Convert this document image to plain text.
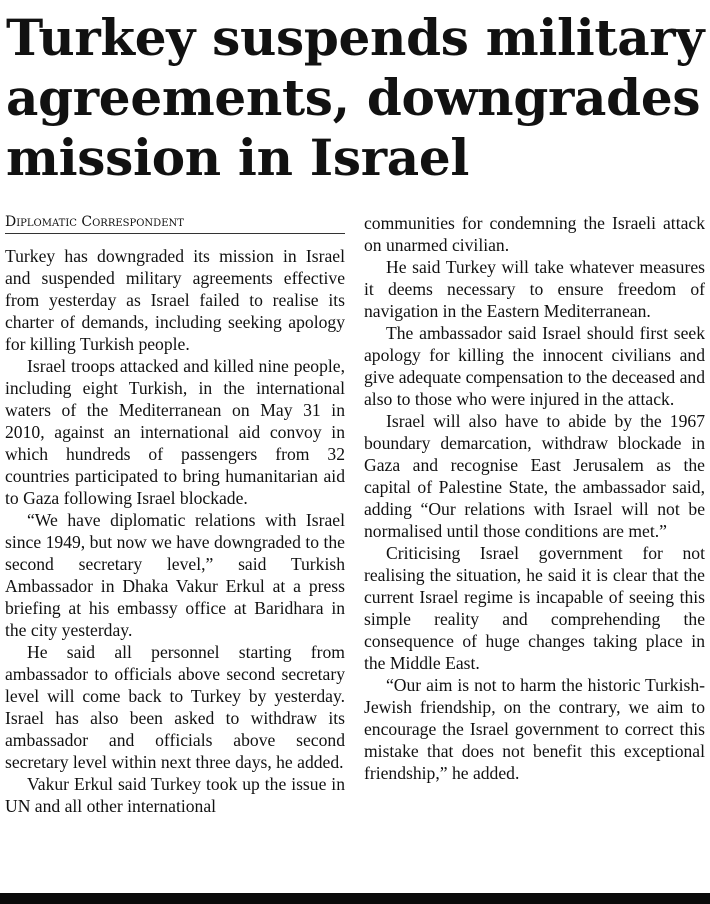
Turkey suspends military agreements, downgrades mission in Israel
Diplomatic Correspondent

Turkey has downgraded its mission in Israel and suspended military agreements effective from yesterday as Israel failed to realise its charter of demands, including seeking apology for killing Turkish people.

Israel troops attacked and killed nine people, including eight Turkish, in the international waters of the Mediterranean on May 31 in 2010, against an international aid convoy in which hundreds of passengers from 32 countries participated to bring humanitarian aid to Gaza following Israel blockade.

“We have diplomatic relations with Israel since 1949, but now we have downgraded to the second secretary level,” said Turkish Ambassador in Dhaka Vakur Erkul at a press briefing at his embassy office at Baridhara in the city yesterday.

He said all personnel starting from ambassador to officials above second secretary level will come back to Turkey by yesterday. Israel has also been asked to withdraw its ambassador and officials above second secretary level within next three days, he added.

Vakur Erkul said Turkey took up the issue in UN and all other international

communities for condemning the Israeli attack on unarmed civilian.

He said Turkey will take whatever measures it deems necessary to ensure freedom of navigation in the Eastern Mediterranean.

The ambassador said Israel should first seek apology for killing the innocent civilians and give adequate compensation to the deceased and also to those who were injured in the attack.

Israel will also have to abide by the 1967 boundary demarcation, withdraw blockade in Gaza and recognise East Jerusalem as the capital of Palestine State, the ambassador said, adding “Our relations with Israel will not be normalised until those conditions are met.”

Criticising Israel government for not realising the situation, he said it is clear that the current Israel regime is incapable of seeing this simple reality and comprehending the consequence of huge changes taking place in the Middle East.

“Our aim is not to harm the historic Turkish-Jewish friendship, on the contrary, we aim to encourage the Israel government to correct this mistake that does not benefit this exceptional friendship,” he added.
